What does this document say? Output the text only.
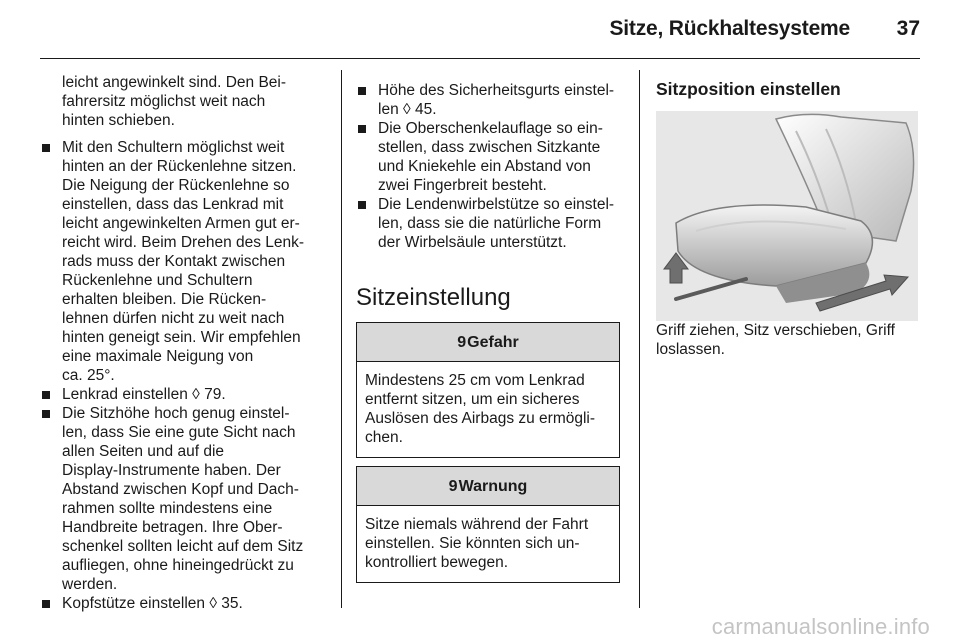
Sitze, Rückhaltesysteme	37

leicht angewinkelt sind. Den Bei-
fahrersitz möglichst weit nach
hinten schieben.

Mit den Schultern möglichst weit
hinten an der Rückenlehne sitzen.
Die Neigung der Rückenlehne so
einstellen, dass das Lenkrad mit
leicht angewinkelten Armen gut er-
reicht wird. Beim Drehen des Lenk-
rads muss der Kontakt zwischen
Rückenlehne und Schultern
erhalten bleiben. Die Rücken-
lehnen dürfen nicht zu weit nach
hinten geneigt sein. Wir empfehlen
eine maximale Neigung von
ca. 25°.

Lenkrad einstellen ◊ 79.

Die Sitzhöhe hoch genug einstel-
len, dass Sie eine gute Sicht nach
allen Seiten und auf die
Display-Instrumente haben. Der
Abstand zwischen Kopf und Dach-
rahmen sollte mindestens eine
Handbreite betragen. Ihre Ober-
schenkel sollten leicht auf dem Sitz
aufliegen, ohne hineingedrückt zu
werden.

Kopfstütze einstellen ◊ 35.

Höhe des Sicherheitsgurts einstel-
len ◊ 45.

Die Oberschenkelauflage so ein-
stellen, dass zwischen Sitzkante
und Kniekehle ein Abstand von
zwei Fingerbreit besteht.

Die Lendenwirbelstütze so einstel-
len, dass sie die natürliche Form
der Wirbelsäule unterstützt.

Sitzeinstellung
9 Gefahr
Mindestens 25 cm vom Lenkrad
entfernt sitzen, um ein sicheres
Auslösen des Airbags zu ermögli-
chen.
9 Warnung
Sitze niemals während der Fahrt
einstellen. Sie könnten sich un-
kontrolliert bewegen.
Sitzposition einstellen

Griff ziehen, Sitz verschieben, Griff
loslassen.

carmanualsonline.info
